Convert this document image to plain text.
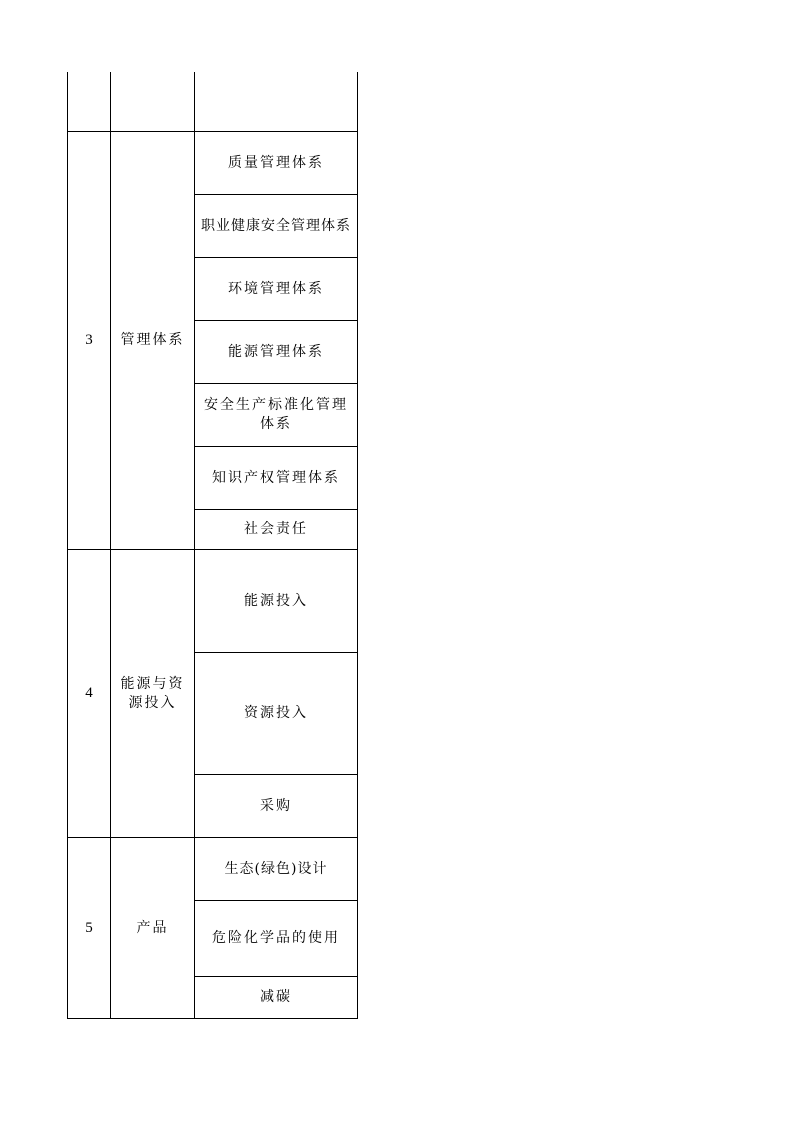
3 管理体系
质量管理体系
职业健康安全管理体系
环境管理体系
能源管理体系
安全生产标准化管理体系
知识产权管理体系
社会责任
4
能源与资源投入
能源投入
资源投入
采购
5	产品
生态(绿色)设计
危险化学品的使用
减碳
